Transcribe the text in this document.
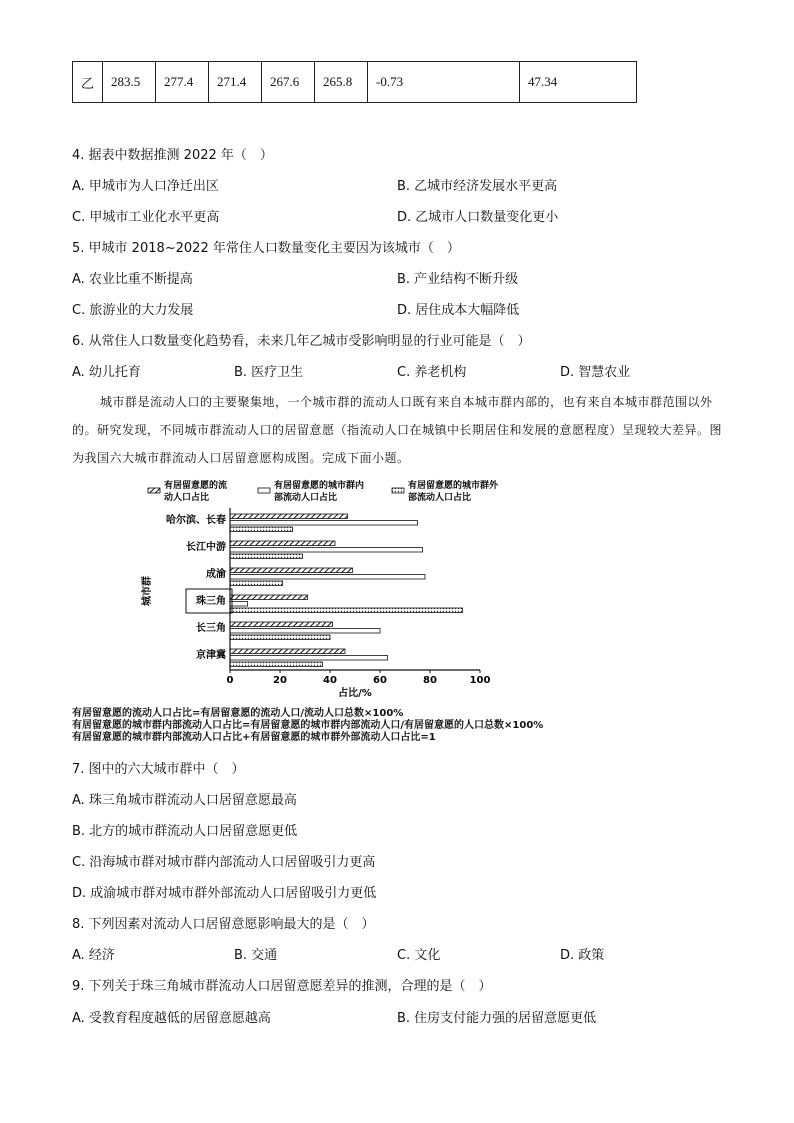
乙	283.5	277.4	271.4	267.6	265.8	-0.73	47.34
4. 据表中数据推测 2022 年（　）
A. 甲城市为人口净迁出区	B. 乙城市经济发展水平更高
C. 甲城市工业化水平更高	D. 乙城市人口数量变化更小
5. 甲城市 2018~2022 年常住人口数量变化主要因为该城市（　）
A. 农业比重不断提高	B. 产业结构不断升级
C. 旅游业的大力发展	D. 居住成本大幅降低
6. 从常住人口数量变化趋势看，未来几年乙城市受影响明显的行业可能是（　）
A. 幼儿托育	B. 医疗卫生	C. 养老机构	D. 智慧农业
城市群是流动人口的主要聚集地，一个城市群的流动人口既有来自本城市群内部的，也有来自本城市群范围以外的。研究发现，不同城市群流动人口的居留意愿（指流动人口在城镇中长期居住和发展的意愿程度）呈现较大差异。图为我国六大城市群流动人口居留意愿构成图。完成下面小题。
有居留意愿的流
动人口占比
有居留意愿的城市群内
部流动人口占比
有居留意愿的城市群外
部流动人口占比
哈尔滨、长春
长江中游
成渝
珠三角
长三角
京津冀
0	20	40	60	80	100
占比/%
城市群
有居留意愿的流动人口占比=有居留意愿的流动人口/流动人口总数×100%
有居留意愿的城市群内部流动人口占比=有居留意愿的城市群内部流动人口/有居留意愿的人口总数×100%
有居留意愿的城市群内部流动人口占比+有居留意愿的城市群外部流动人口占比=1
7. 图中的六大城市群中（　）
A. 珠三角城市群流动人口居留意愿最高
B. 北方的城市群流动人口居留意愿更低
C. 沿海城市群对城市群内部流动人口居留吸引力更高
D. 成渝城市群对城市群外部流动人口居留吸引力更低
8. 下列因素对流动人口居留意愿影响最大的是（　）
A. 经济	B. 交通	C. 文化	D. 政策
9. 下列关于珠三角城市群流动人口居留意愿差异的推测，合理的是（　）
A. 受教育程度越低的居留意愿越高	B. 住房支付能力强的居留意愿更低
